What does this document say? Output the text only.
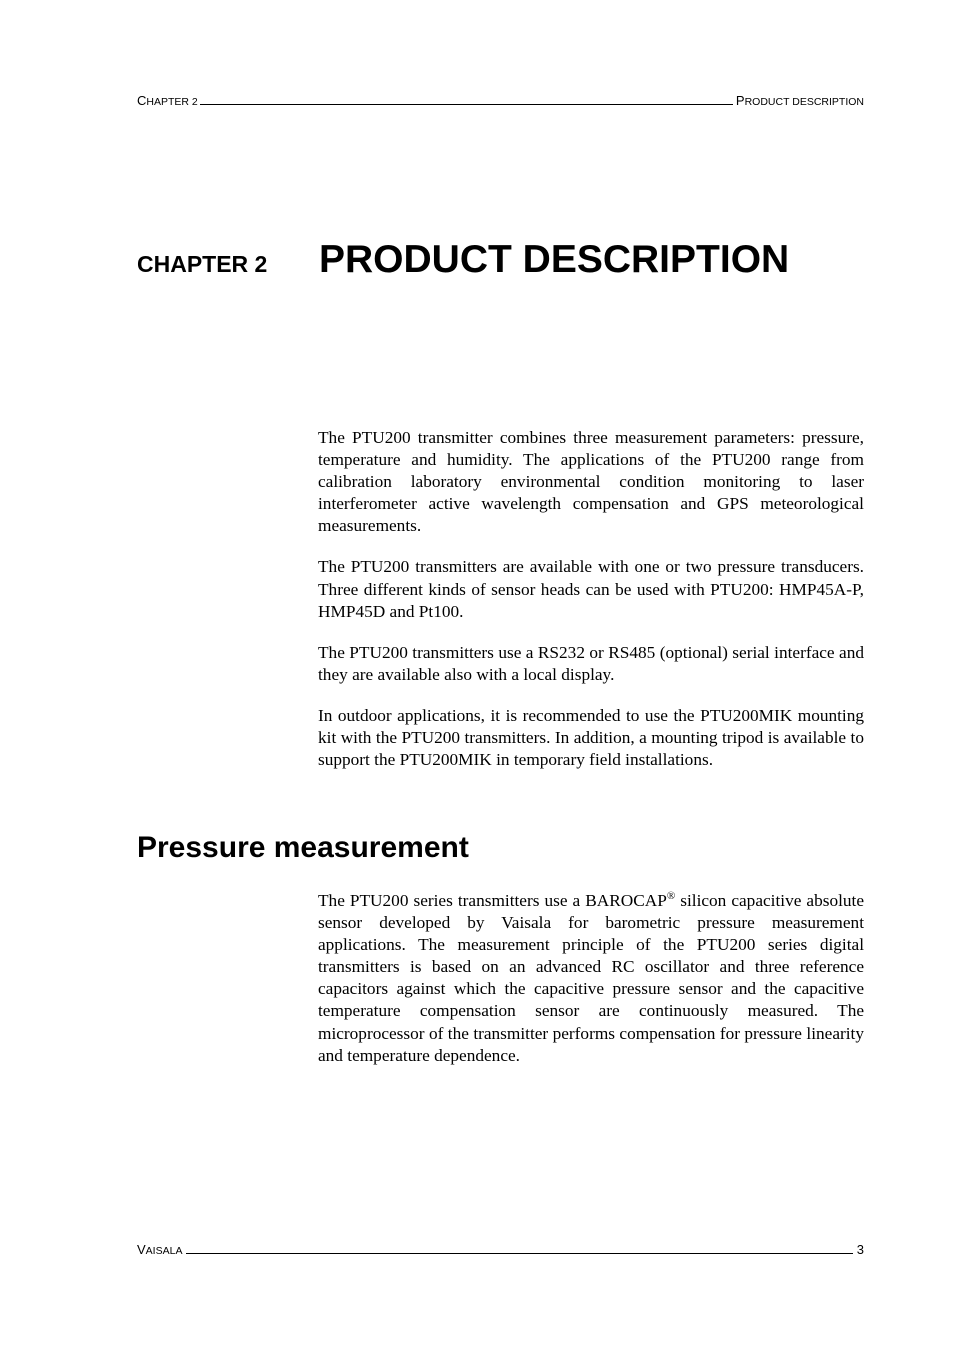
CHAPTER 2	PRODUCT DESCRIPTION
CHAPTER 2	PRODUCT DESCRIPTION

The PTU200 transmitter combines three measurement parameters: pressure, temperature and humidity. The applications of the PTU200 range from calibration laboratory environmental condition monitoring to laser interferometer active wavelength compensation and GPS meteorological measurements.

The PTU200 transmitters are available with one or two pressure transducers. Three different kinds of sensor heads can be used with PTU200: HMP45A-P, HMP45D and Pt100.

The PTU200 transmitters use a RS232 or RS485 (optional) serial interface and they are available also with a local display.

In outdoor applications, it is recommended to use the PTU200MIK mounting kit with the PTU200 transmitters. In addition, a mounting tripod is available to support the PTU200MIK in temporary field installations.

Pressure measurement

The PTU200 series transmitters use a BAROCAP® silicon capacitive absolute sensor developed by Vaisala for barometric pressure measurement applications. The measurement principle of the PTU200 series digital transmitters is based on an advanced RC oscillator and three reference capacitors against which the capacitive pressure sensor and the capacitive temperature compensation sensor are continuously measured. The microprocessor of the transmitter performs compensation for pressure linearity and temperature dependence.

VAISALA	3
